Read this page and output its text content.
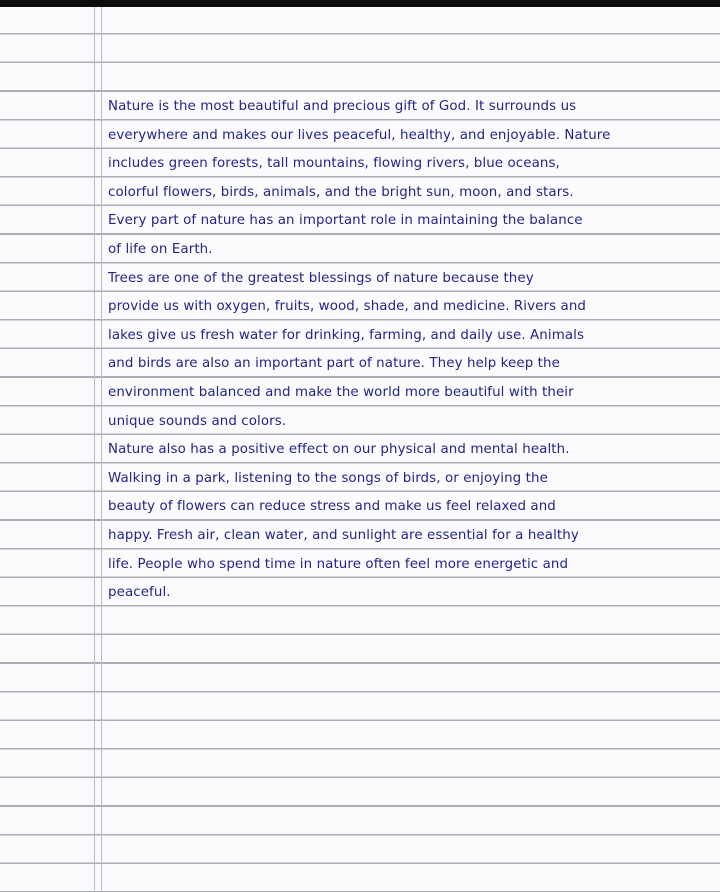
Nature is the most beautiful and precious gift of God. It surrounds us
everywhere and makes our lives peaceful, healthy, and enjoyable. Nature
includes green forests, tall mountains, flowing rivers, blue oceans,
colorful flowers, birds, animals, and the bright sun, moon, and stars.
Every part of nature has an important role in maintaining the balance
of life on Earth.
Trees are one of the greatest blessings of nature because they
provide us with oxygen, fruits, wood, shade, and medicine. Rivers and
lakes give us fresh water for drinking, farming, and daily use. Animals
and birds are also an important part of nature. They help keep the
environment balanced and make the world more beautiful with their
unique sounds and colors.
Nature also has a positive effect on our physical and mental health.
Walking in a park, listening to the songs of birds, or enjoying the
beauty of flowers can reduce stress and make us feel relaxed and
happy. Fresh air, clean water, and sunlight are essential for a healthy
life. People who spend time in nature often feel more energetic and
peaceful.
